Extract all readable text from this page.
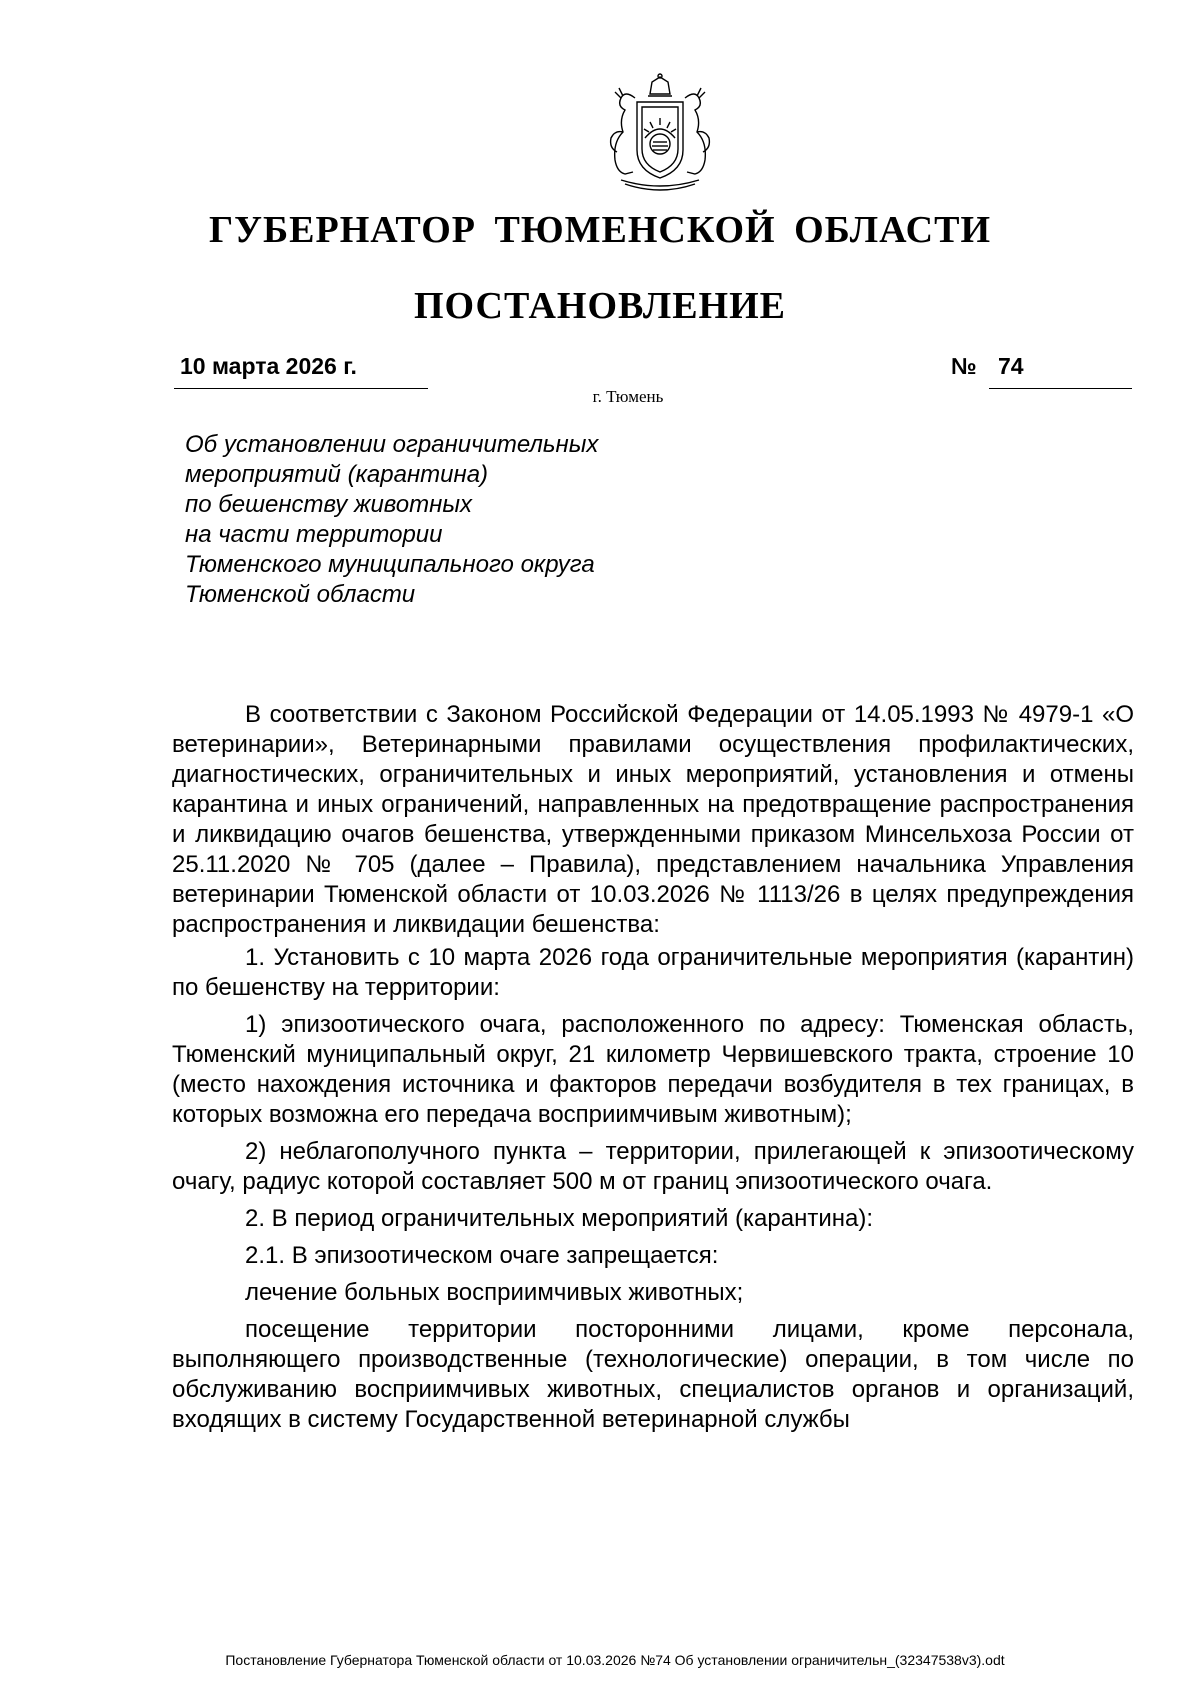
ГУБЕРНАТОР ТЮМЕНСКОЙ ОБЛАСТИ
ПОСТАНОВЛЕНИЕ
10 марта 2026 г.	№ 74
г. Тюмень
Об установлении ограничительных
мероприятий (карантина)
по бешенству животных
на части территории
Тюменского муниципального округа
Тюменской области

В соответствии с Законом Российской Федерации от 14.05.1993 № 4979-1 «О ветеринарии», Ветеринарными правилами осуществления профилактических, диагностических, ограничительных и иных мероприятий, установления и отмены карантина и иных ограничений, направленных на предотвращение распространения и ликвидацию очагов бешенства, утвержденными приказом Минсельхоза России от 25.11.2020 № 705 (далее – Правила), представлением начальника Управления ветеринарии Тюменской области от 10.03.2026 № 1113/26 в целях предупреждения распространения и ликвидации бешенства:

1. Установить с 10 марта 2026 года ограничительные мероприятия (карантин) по бешенству на территории:

1) эпизоотического очага, расположенного по адресу: Тюменская область, Тюменский муниципальный округ, 21 километр Червишевского тракта, строение 10 (место нахождения источника и факторов передачи возбудителя в тех границах, в которых возможна его передача восприимчивым животным);

2) неблагополучного пункта – территории, прилегающей к эпизоотическому очагу, радиус которой составляет 500 м от границ эпизоотического очага.

2. В период ограничительных мероприятий (карантина):

2.1. В эпизоотическом очаге запрещается:

лечение больных восприимчивых животных;

посещение территории посторонними лицами, кроме персонала, выполняющего производственные (технологические) операции, в том числе по обслуживанию восприимчивых животных, специалистов органов и организаций, входящих в систему Государственной ветеринарной службы

Постановление Губернатора Тюменской области от 10.03.2026 №74 Об установлении ограничительн_(32347538v3).odt
